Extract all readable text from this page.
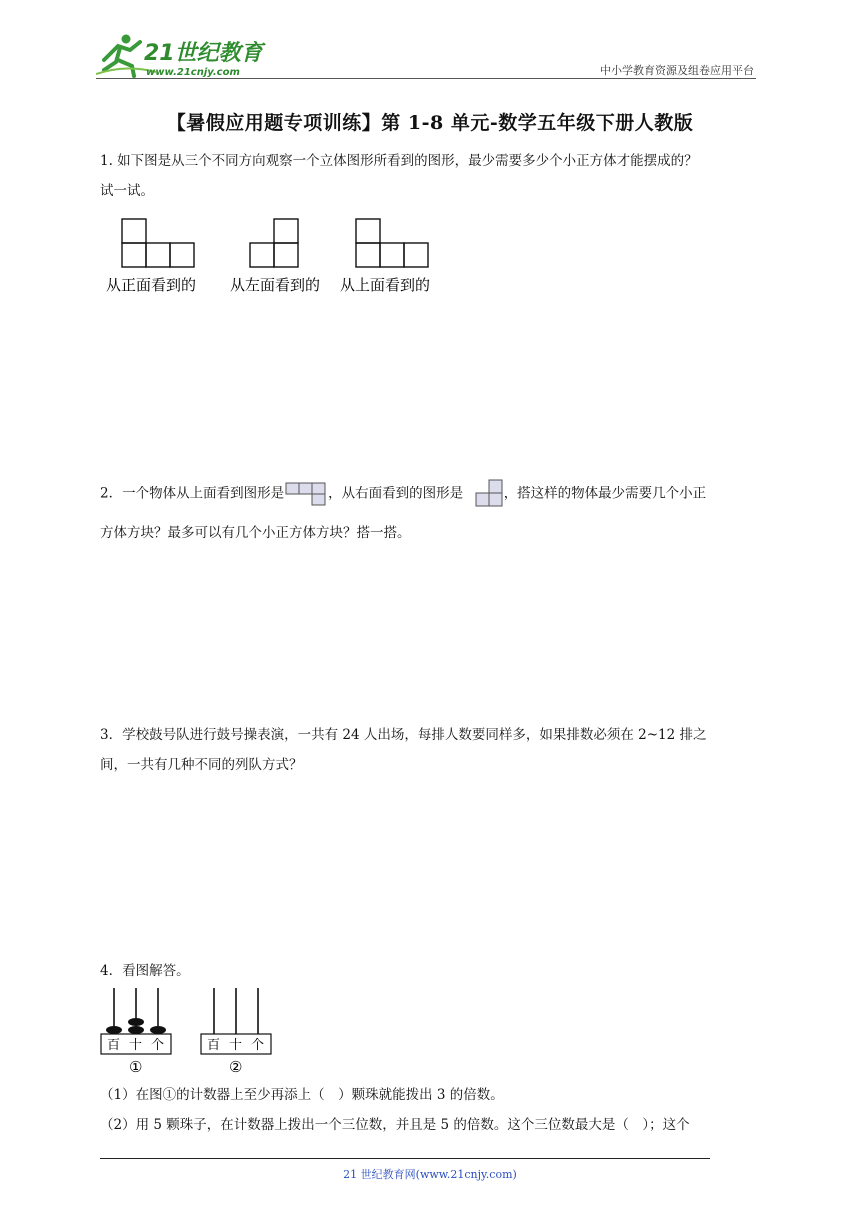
21世纪教育
www.21cnjy.com	中小学教育资源及组卷应用平台
【暑假应用题专项训练】第 1-8 单元-数学五年级下册人教版
1. 如下图是从三个不同方向观察一个立体图形所看到的图形，最少需要多少个小正方体才能摆成的？
试一试。
从正面看到的 从左面看到的 从上面看到的
2．一个物体从上面看到图形是	，从右面看到的图形是	，搭这样的物体最少需要几个小正
方体方块？最多可以有几个小正方体方块？搭一搭。
3．学校鼓号队进行鼓号操表演，一共有 24 人出场，每排人数要同样多，如果排数必须在 2~12 排之
间，一共有几种不同的列队方式？
4．看图解答。
百 十 个
①
百 十 个
②
（1）在图①的计数器上至少再添上（　）颗珠就能拨出 3 的倍数。
（2）用 5 颗珠子，在计数器上拨出一个三位数，并且是 5 的倍数。这个三位数最大是（　）；这个
21 世纪教育网(www.21cnjy.com)
